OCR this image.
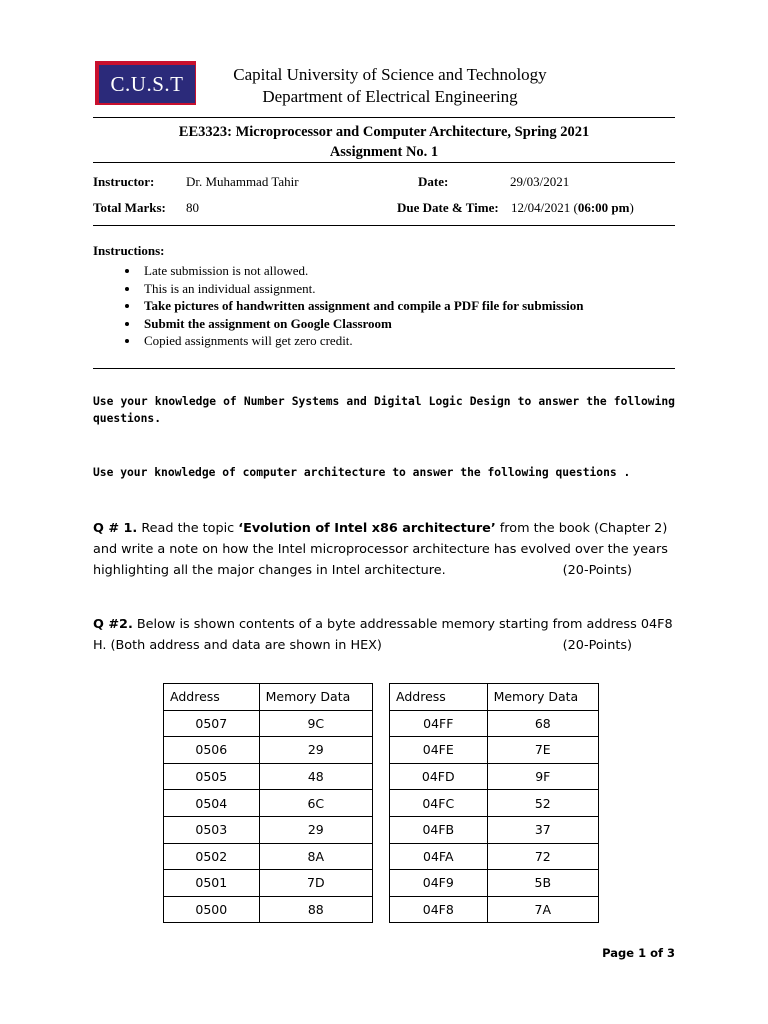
C.U.S.T	Capital University of Science and Technology
Department of Electrical Engineering
EE3323: Microprocessor and Computer Architecture, Spring 2021
Assignment No. 1
Instructor: Dr. Muhammad Tahir	Date:	29/03/2021
Total Marks: 80	Due Date & Time: 12/04/2021 (06:00 pm)
Instructions:
• Late submission is not allowed.
• This is an individual assignment.
• Take pictures of handwritten assignment and compile a PDF file for submission
• Submit the assignment on Google Classroom
• Copied assignments will get zero credit.
Use your knowledge of Number Systems and Digital Logic Design to answer the following questions.
Use your knowledge of computer architecture to answer the following questions .
Q # 1. Read the topic ‘Evolution of Intel x86 architecture’ from the book (Chapter 2) and write a note on how the Intel microprocessor architecture has evolved over the years highlighting all the major changes in Intel architecture.	(20-Points)
Q #2. Below is shown contents of a byte addressable memory starting from address 04F8 H. (Both address and data are shown in HEX)	(20-Points)
Address	Memory Data
0507	9C
0506	29
0505	48
0504	6C
0503	29
0502	8A
0501	7D
0500	88
Address	Memory Data
04FF	68
04FE	7E
04FD	9F
04FC	52
04FB	37
04FA	72
04F9	5B
04F8	7A
Page 1 of 3
